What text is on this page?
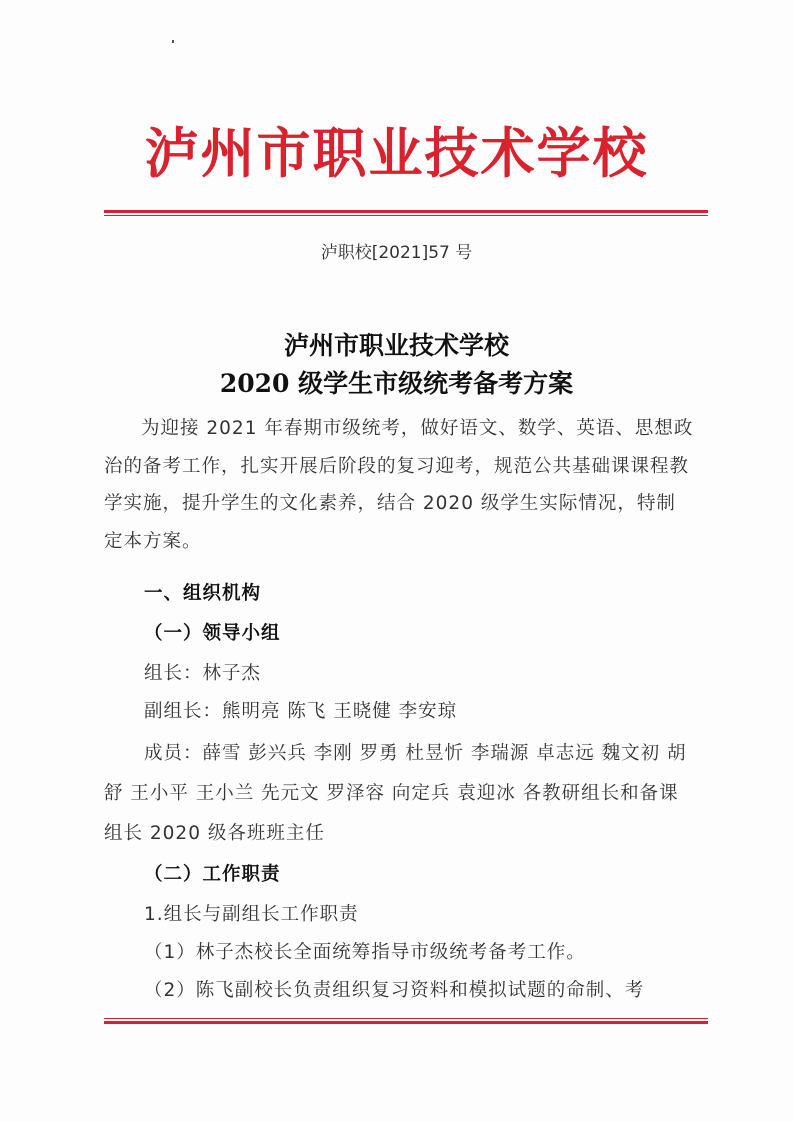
泸州市职业技术学校
泸职校[2021]57 号
泸州市职业技术学校
2020 级学生市级统考备考方案
为迎接 2021 年春期市级统考，做好语文、数学、英语、思想政治的备考工作，扎实开展后阶段的复习迎考，规范公共基础课课程教学实施，提升学生的文化素养，结合 2020 级学生实际情况，特制定本方案。
一、组织机构
（一）领导小组
组长：林子杰
副组长：熊明亮 陈飞 王晓健 李安琼
成员：薛雪 彭兴兵 李刚 罗勇 杜昱忻 李瑞源 卓志远 魏文初 胡舒 王小平 王小兰 先元文 罗泽容 向定兵 袁迎冰 各教研组长和备课组长 2020 级各班班主任
（二）工作职责
1.组长与副组长工作职责
（1）林子杰校长全面统筹指导市级统考备考工作。
（2）陈飞副校长负责组织复习资料和模拟试题的命制、考
